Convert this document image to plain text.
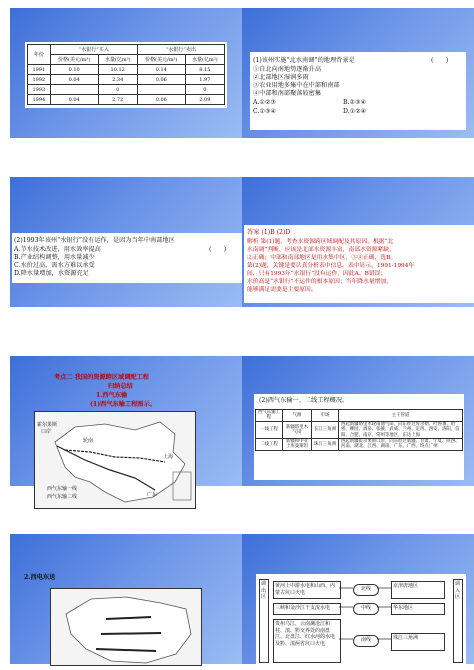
年份	“水银行”买入		“水银行”卖出	
	价格(美元/m³)	水量(亿m³)	价格(美元/m³)	水量(亿m³)
1991	0.10	10.12	0.14	8.15
1992	0.04	2.34	0.06	1.97
1993		0		0
1994	0.04	2.72	0.06	2.09
(1)该州实施“北水南调”的地理背景是	(　　)
①自北向南地势逐渐升高
②北部地区湿润多雨
③农业用地多集中在中部和南部
④中部和南部聚落较密集
A.①②③	B.②③④
C.①③④	D.①②④
(2)1993年该州“水银行”没有运作，是因为当年中南部地区
(　　)
A.节水技术改进，用水效率提高
B.产业结构调整，用水量减少
C.水价过高，需水方难以承受
D.降水量增加，水资源充足
答案 (1)B (2)D
解析 第(1)题，考查水资源跨区域调配及其原因。根据“北
水南调”判断，应该是北部水资源丰富，南部水资源紧缺，
②正确；中部和南部地区是用水集中区，③④正确，选B。
第(2)题，关键是要认真分析表中信息。表中显示，1991-1994年
间，只有1993年“水银行”没有运作，因此A、B错误；
水价高是“水银行”不运作的根本原因；当年降水量增加，
能够满足需要是主要原因。
考点二 我国的资源跨区域调配工程
归纳总结
1.西气东输
(1)西气东输工程图示。
霍尔果斯
口岸
轮南
上海
广东
西气东输一线
西气东输二线
(2)西气东输一、二线工程概况。
西气东输工程	气源	市场	主干管道
一线工程	新疆塔里木气田	长江三角洲	西起新疆塔里木轮南油气田，向东经过库尔勒、吐鲁番、哈密、柳园、酒泉、张掖、武威、兰州、定西、西安、洛阳、信阳、合肥、南京、常州等地区，东达上海
二线工程	新疆和中亚土库曼斯坦	珠江三角洲	西起新疆霍尔果斯口岸，向东经过新疆、甘肃、宁夏、陕西、河南、湖北、江西、湖南、广东、广西，终点广州
2.西电东送
调出区
调入区
黄河上中游水电和山西、内蒙古坑口火电
三峡和金沙江干支流水电
贵州乌江，云南澜沧江和桂、滇、黔交界处的南盘江、北盘江、红水河的水电及黔、滇两省坑口火电
北线
中线
南线
京津唐地区
华东地区
珠江三角洲
